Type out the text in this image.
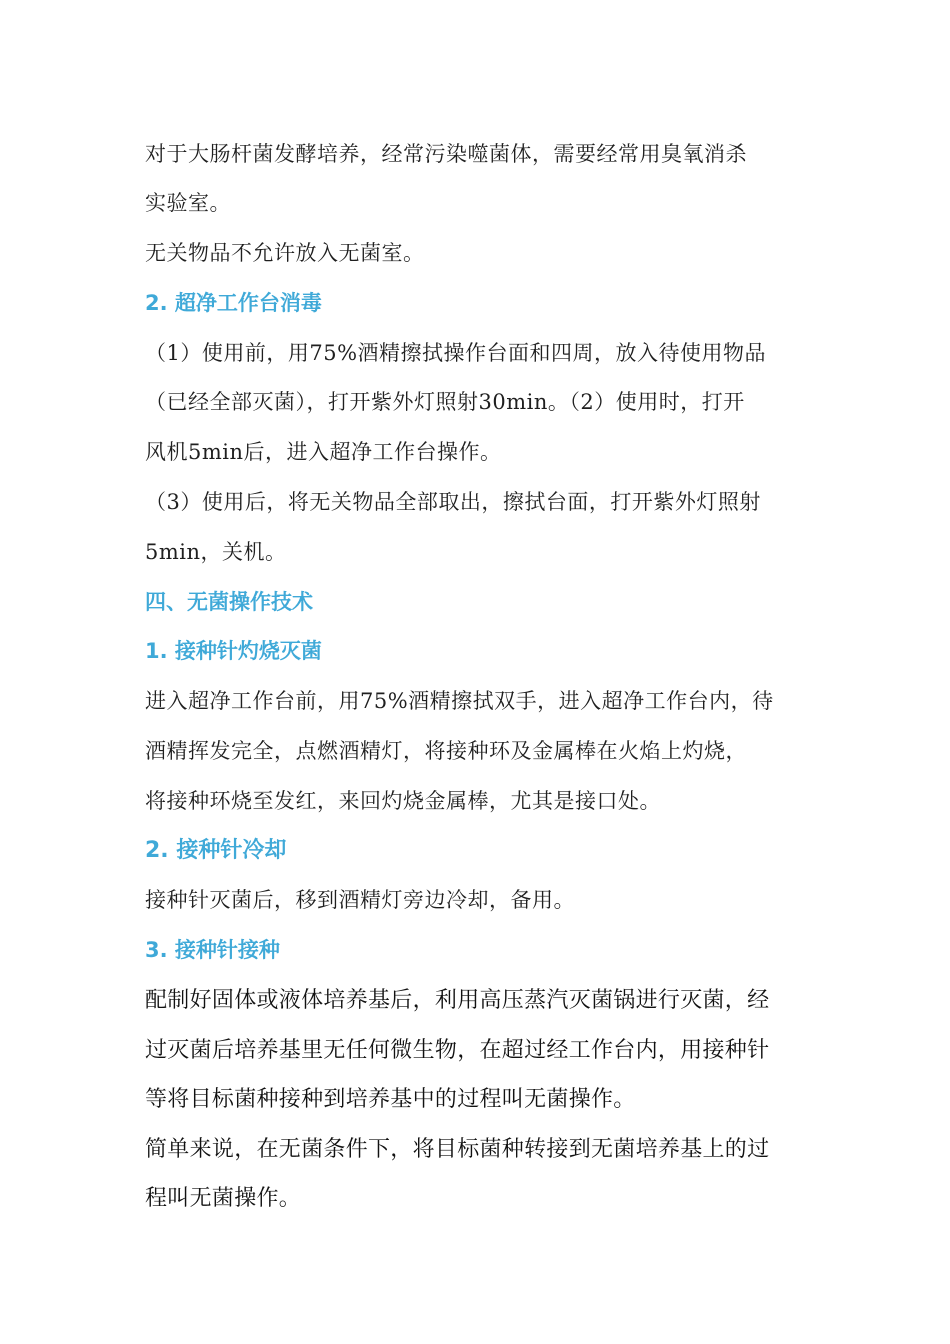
对于大肠杆菌发酵培养，经常污染噬菌体，需要经常用臭氧消杀
实验室。
无关物品不允许放入无菌室。
2. 超净工作台消毒
（1）使用前，用75%酒精擦拭操作台面和四周，放入待使用物品
（已经全部灭菌），打开紫外灯照射30min。（2）使用时，打开
风机5min后，进入超净工作台操作。
（3）使用后，将无关物品全部取出，擦拭台面，打开紫外灯照射
5min，关机。
四、无菌操作技术
1. 接种针灼烧灭菌
进入超净工作台前，用75%酒精擦拭双手，进入超净工作台内，待
酒精挥发完全，点燃酒精灯，将接种环及金属棒在火焰上灼烧，
将接种环烧至发红，来回灼烧金属棒，尤其是接口处。
2. 接种针冷却
接种针灭菌后，移到酒精灯旁边冷却，备用。
3. 接种针接种
配制好固体或液体培养基后，利用高压蒸汽灭菌锅进行灭菌，经
过灭菌后培养基里无任何微生物，在超过经工作台内，用接种针
等将目标菌种接种到培养基中的过程叫无菌操作。
简单来说，在无菌条件下，将目标菌种转接到无菌培养基上的过
程叫无菌操作。
